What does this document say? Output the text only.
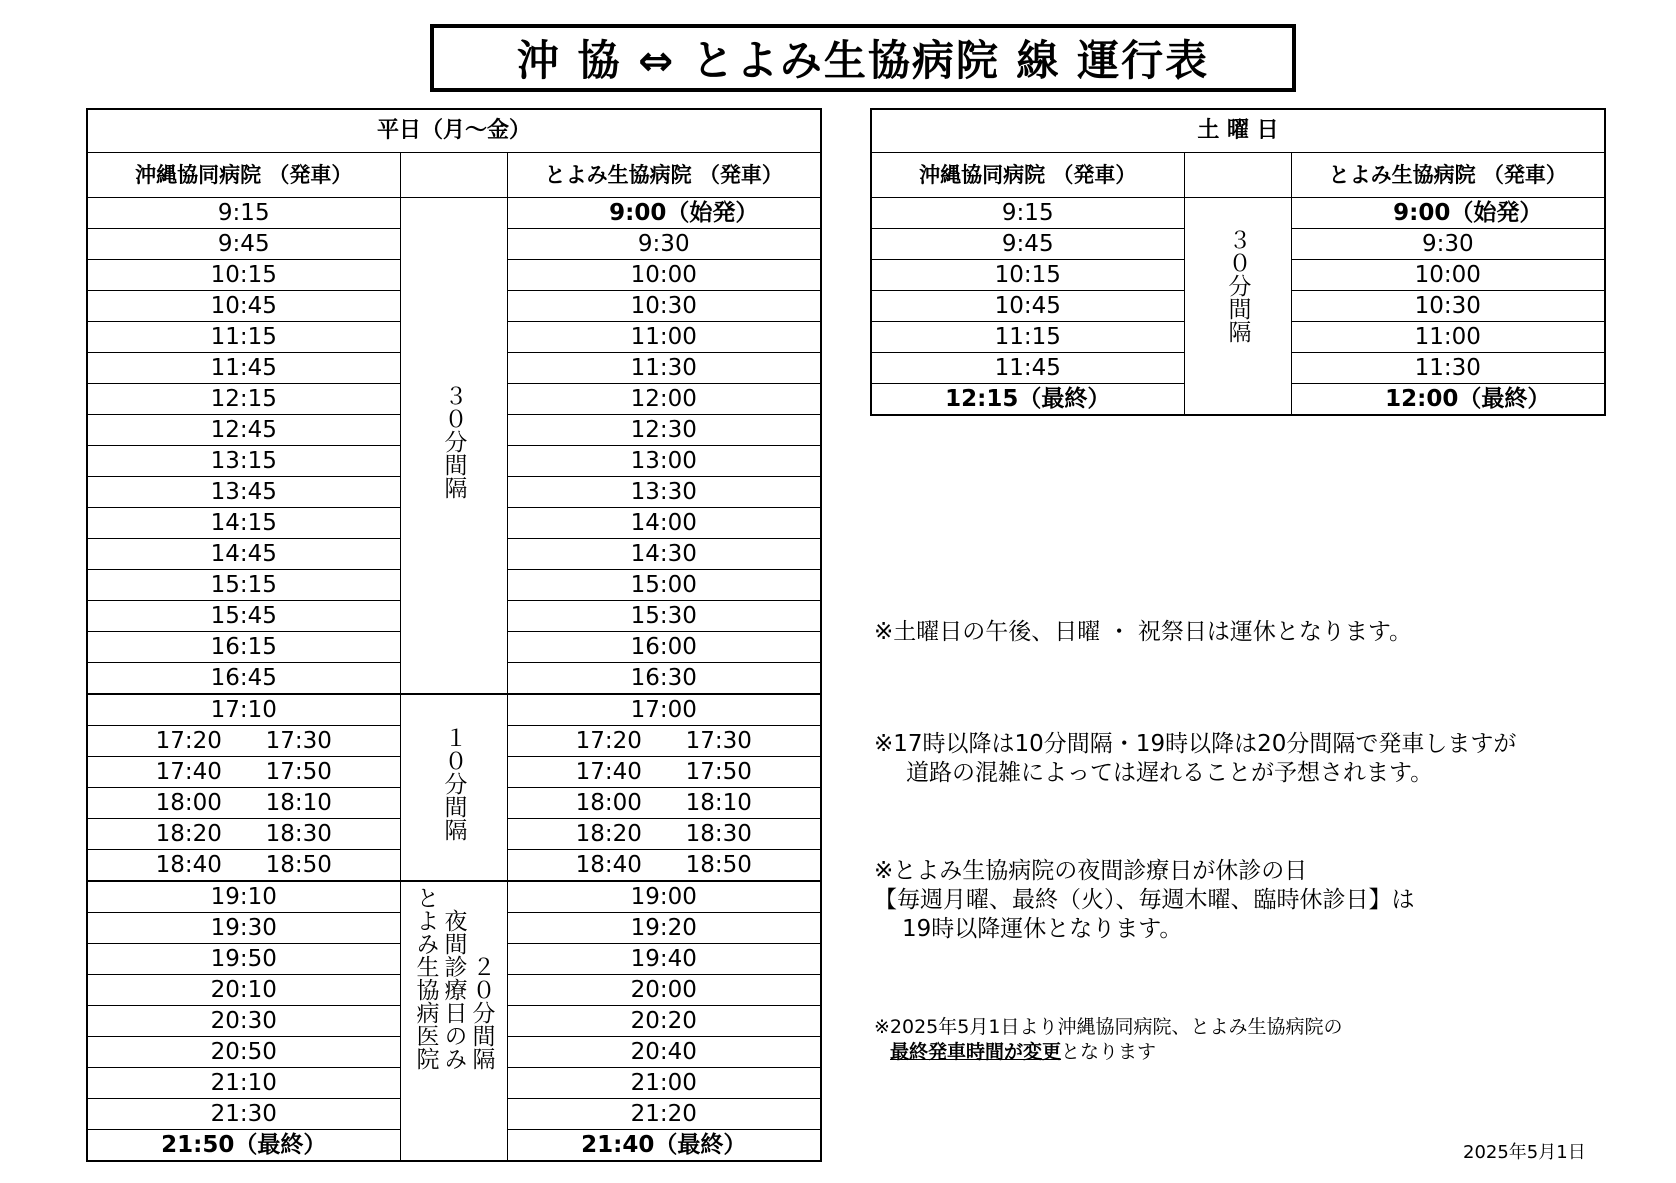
沖 協 ⇔ とよみ生協病院 線 運行表
平日（月～金）		
沖縄協同病院 （発車）		とよみ生協病院 （発車）
9:15	３０分間隔	9:00（始発）
9:45		9:30
10:15		10:00
10:45		10:30
11:15		11:00
11:45		11:30
12:15		12:00
12:45		12:30
13:15		13:00
13:45		13:30
14:15		14:00
14:45		14:30
15:15		15:00
15:45		15:30
16:15		16:00
16:45		16:30
17:10	１０分間隔	17:00
17:20 17:30		17:20 17:30
17:40 17:50		17:40 17:50
18:00 18:10		18:00 18:10
18:20 18:30		18:20 18:30
18:40 18:50		18:40 18:50
19:10	とよみ生協病医院夜間診療日のみ２０分間隔	19:00
19:30		19:20
19:50		19:40
20:10		20:00
20:30		20:20
20:50		20:40
21:10		21:00
21:30		21:20
21:50（最終）		21:40（最終）
土 曜 日		
沖縄協同病院 （発車）		とよみ生協病院 （発車）
9:15	３０分間隔	9:00（始発）
9:45		9:30
10:15		10:00
10:45		10:30
11:15		11:00
11:45		11:30
12:15（最終）		12:00（最終）
※土曜日の午後、日曜 ・ 祝祭日は運休となります。
※17時以降は10分間隔・19時以降は20分間隔で発車しますが
道路の混雑によっては遅れることが予想されます。
※とよみ生協病院の夜間診療日が休診の日
【毎週月曜、最終（火）、毎週木曜、臨時休診日】は
19時以降運休となります。
※2025年5月1日より沖縄協同病院、とよみ生協病院の
最終発車時間が変更となります
2025年5月1日
